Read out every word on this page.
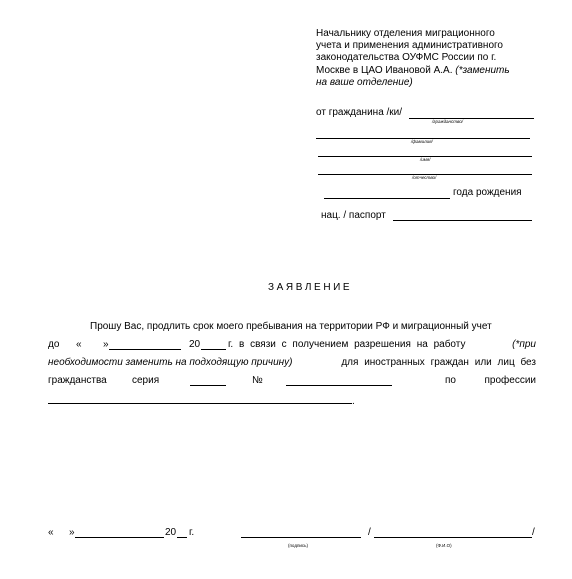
Начальнику отделения миграционного
учета и применения административного
законодательства ОУФМС России по г.
Москве в ЦАО Ивановой А.А. (*заменить
на ваше отделение)
от гражданина /ки/
/гражданство/
/фамилия/
/имя/
/отчество/
года рождения
нац. / паспорт
ЗАЯВЛЕНИЕ
Прошу Вас, продлить срок моего пребывания на территории РФ и миграционный учет
до « »	20	г. в связи с получением разрешения на работу	(*при
необходимости заменить на подходящую причину)	для иностранных граждан или лиц без
гражданства	серия	№	по	профессии
.
« »	20 г.	/	/
(подпись)	(Ф.И.О)
